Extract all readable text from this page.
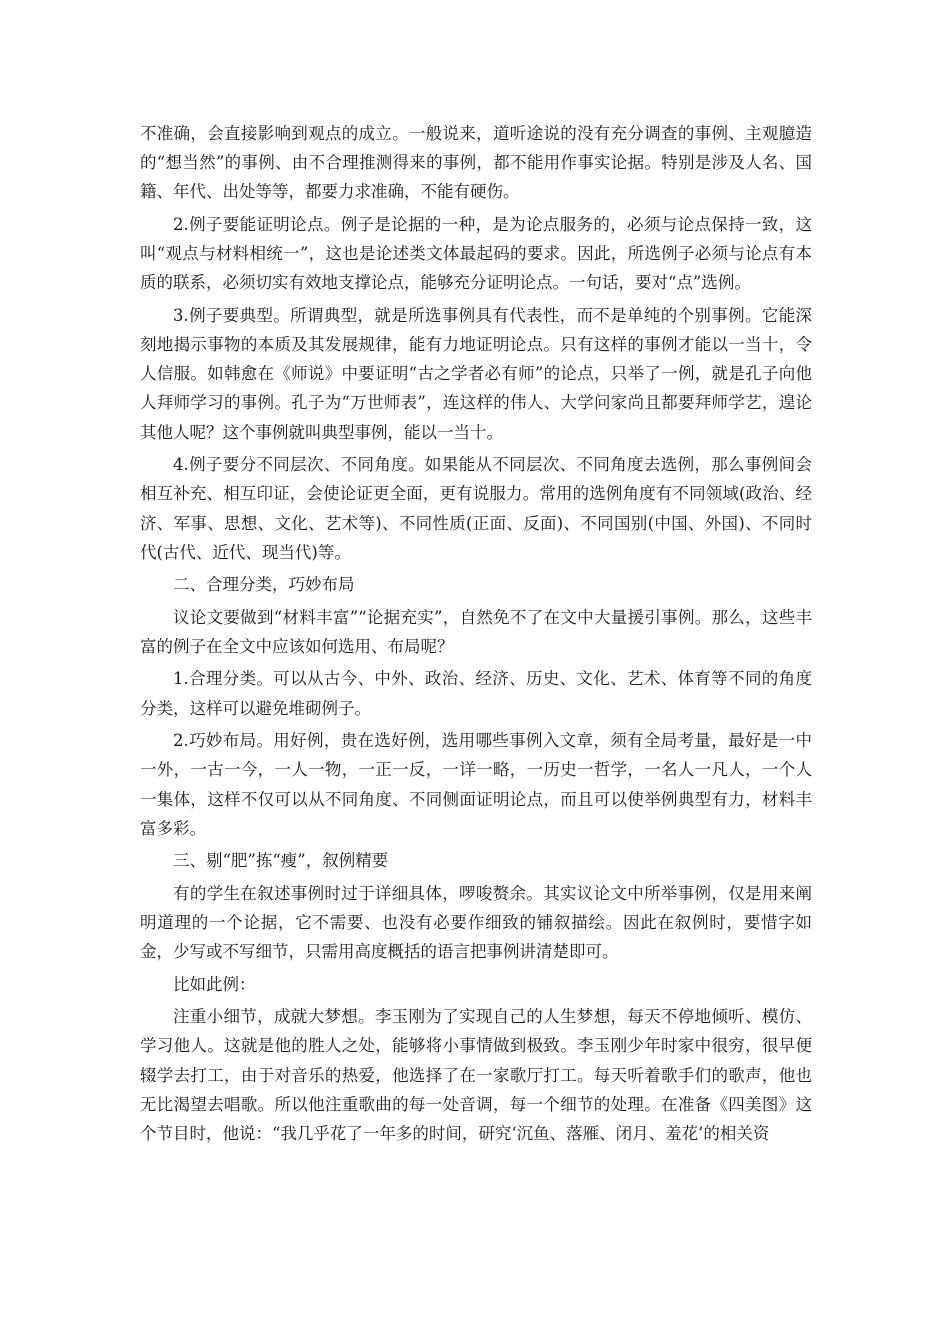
不准确，会直接影响到观点的成立。一般说来，道听途说的没有充分调查的事例、主观臆造的“想当然”的事例、由不合理推测得来的事例，都不能用作事实论据。特别是涉及人名、国籍、年代、出处等等，都要力求准确，不能有硬伤。

2.例子要能证明论点。例子是论据的一种，是为论点服务的，必须与论点保持一致，这叫“观点与材料相统一”，这也是论述类文体最起码的要求。因此，所选例子必须与论点有本质的联系，必须切实有效地支撑论点，能够充分证明论点。一句话，要对“点”选例。

3.例子要典型。所谓典型，就是所选事例具有代表性，而不是单纯的个别事例。它能深刻地揭示事物的本质及其发展规律，能有力地证明论点。只有这样的事例才能以一当十，令人信服。如韩愈在《师说》中要证明“古之学者必有师”的论点，只举了一例，就是孔子向他人拜师学习的事例。孔子为“万世师表”，连这样的伟人、大学问家尚且都要拜师学艺，遑论其他人呢？这个事例就叫典型事例，能以一当十。

4.例子要分不同层次、不同角度。如果能从不同层次、不同角度去选例，那么事例间会相互补充、相互印证，会使论证更全面，更有说服力。常用的选例角度有不同领域(政治、经济、军事、思想、文化、艺术等)、不同性质(正面、反面)、不同国别(中国、外国)、不同时代(古代、近代、现当代)等。

二、合理分类，巧妙布局

议论文要做到“材料丰富”“论据充实”，自然免不了在文中大量援引事例。那么，这些丰富的例子在全文中应该如何选用、布局呢？

1.合理分类。可以从古今、中外、政治、经济、历史、文化、艺术、体育等不同的角度分类，这样可以避免堆砌例子。

2.巧妙布局。用好例，贵在选好例，选用哪些事例入文章，须有全局考量，最好是一中一外，一古一今，一人一物，一正一反，一详一略，一历史一哲学，一名人一凡人，一个人一集体，这样不仅可以从不同角度、不同侧面证明论点，而且可以使举例典型有力，材料丰富多彩。

三、剔“肥”拣“瘦”，叙例精要

有的学生在叙述事例时过于详细具体，啰唆赘余。其实议论文中所举事例，仅是用来阐明道理的一个论据，它不需要、也没有必要作细致的铺叙描绘。因此在叙例时，要惜字如金，少写或不写细节，只需用高度概括的语言把事例讲清楚即可。

比如此例：

注重小细节，成就大梦想。李玉刚为了实现自己的人生梦想，每天不停地倾听、模仿、学习他人。这就是他的胜人之处，能够将小事情做到极致。李玉刚少年时家中很穷，很早便辍学去打工，由于对音乐的热爱，他选择了在一家歌厅打工。每天听着歌手们的歌声，他也无比渴望去唱歌。所以他注重歌曲的每一处音调，每一个细节的处理。在准备《四美图》这个节目时，他说：“我几乎花了一年多的时间，研究‘沉鱼、落雁、闭月、羞花’的相关资
